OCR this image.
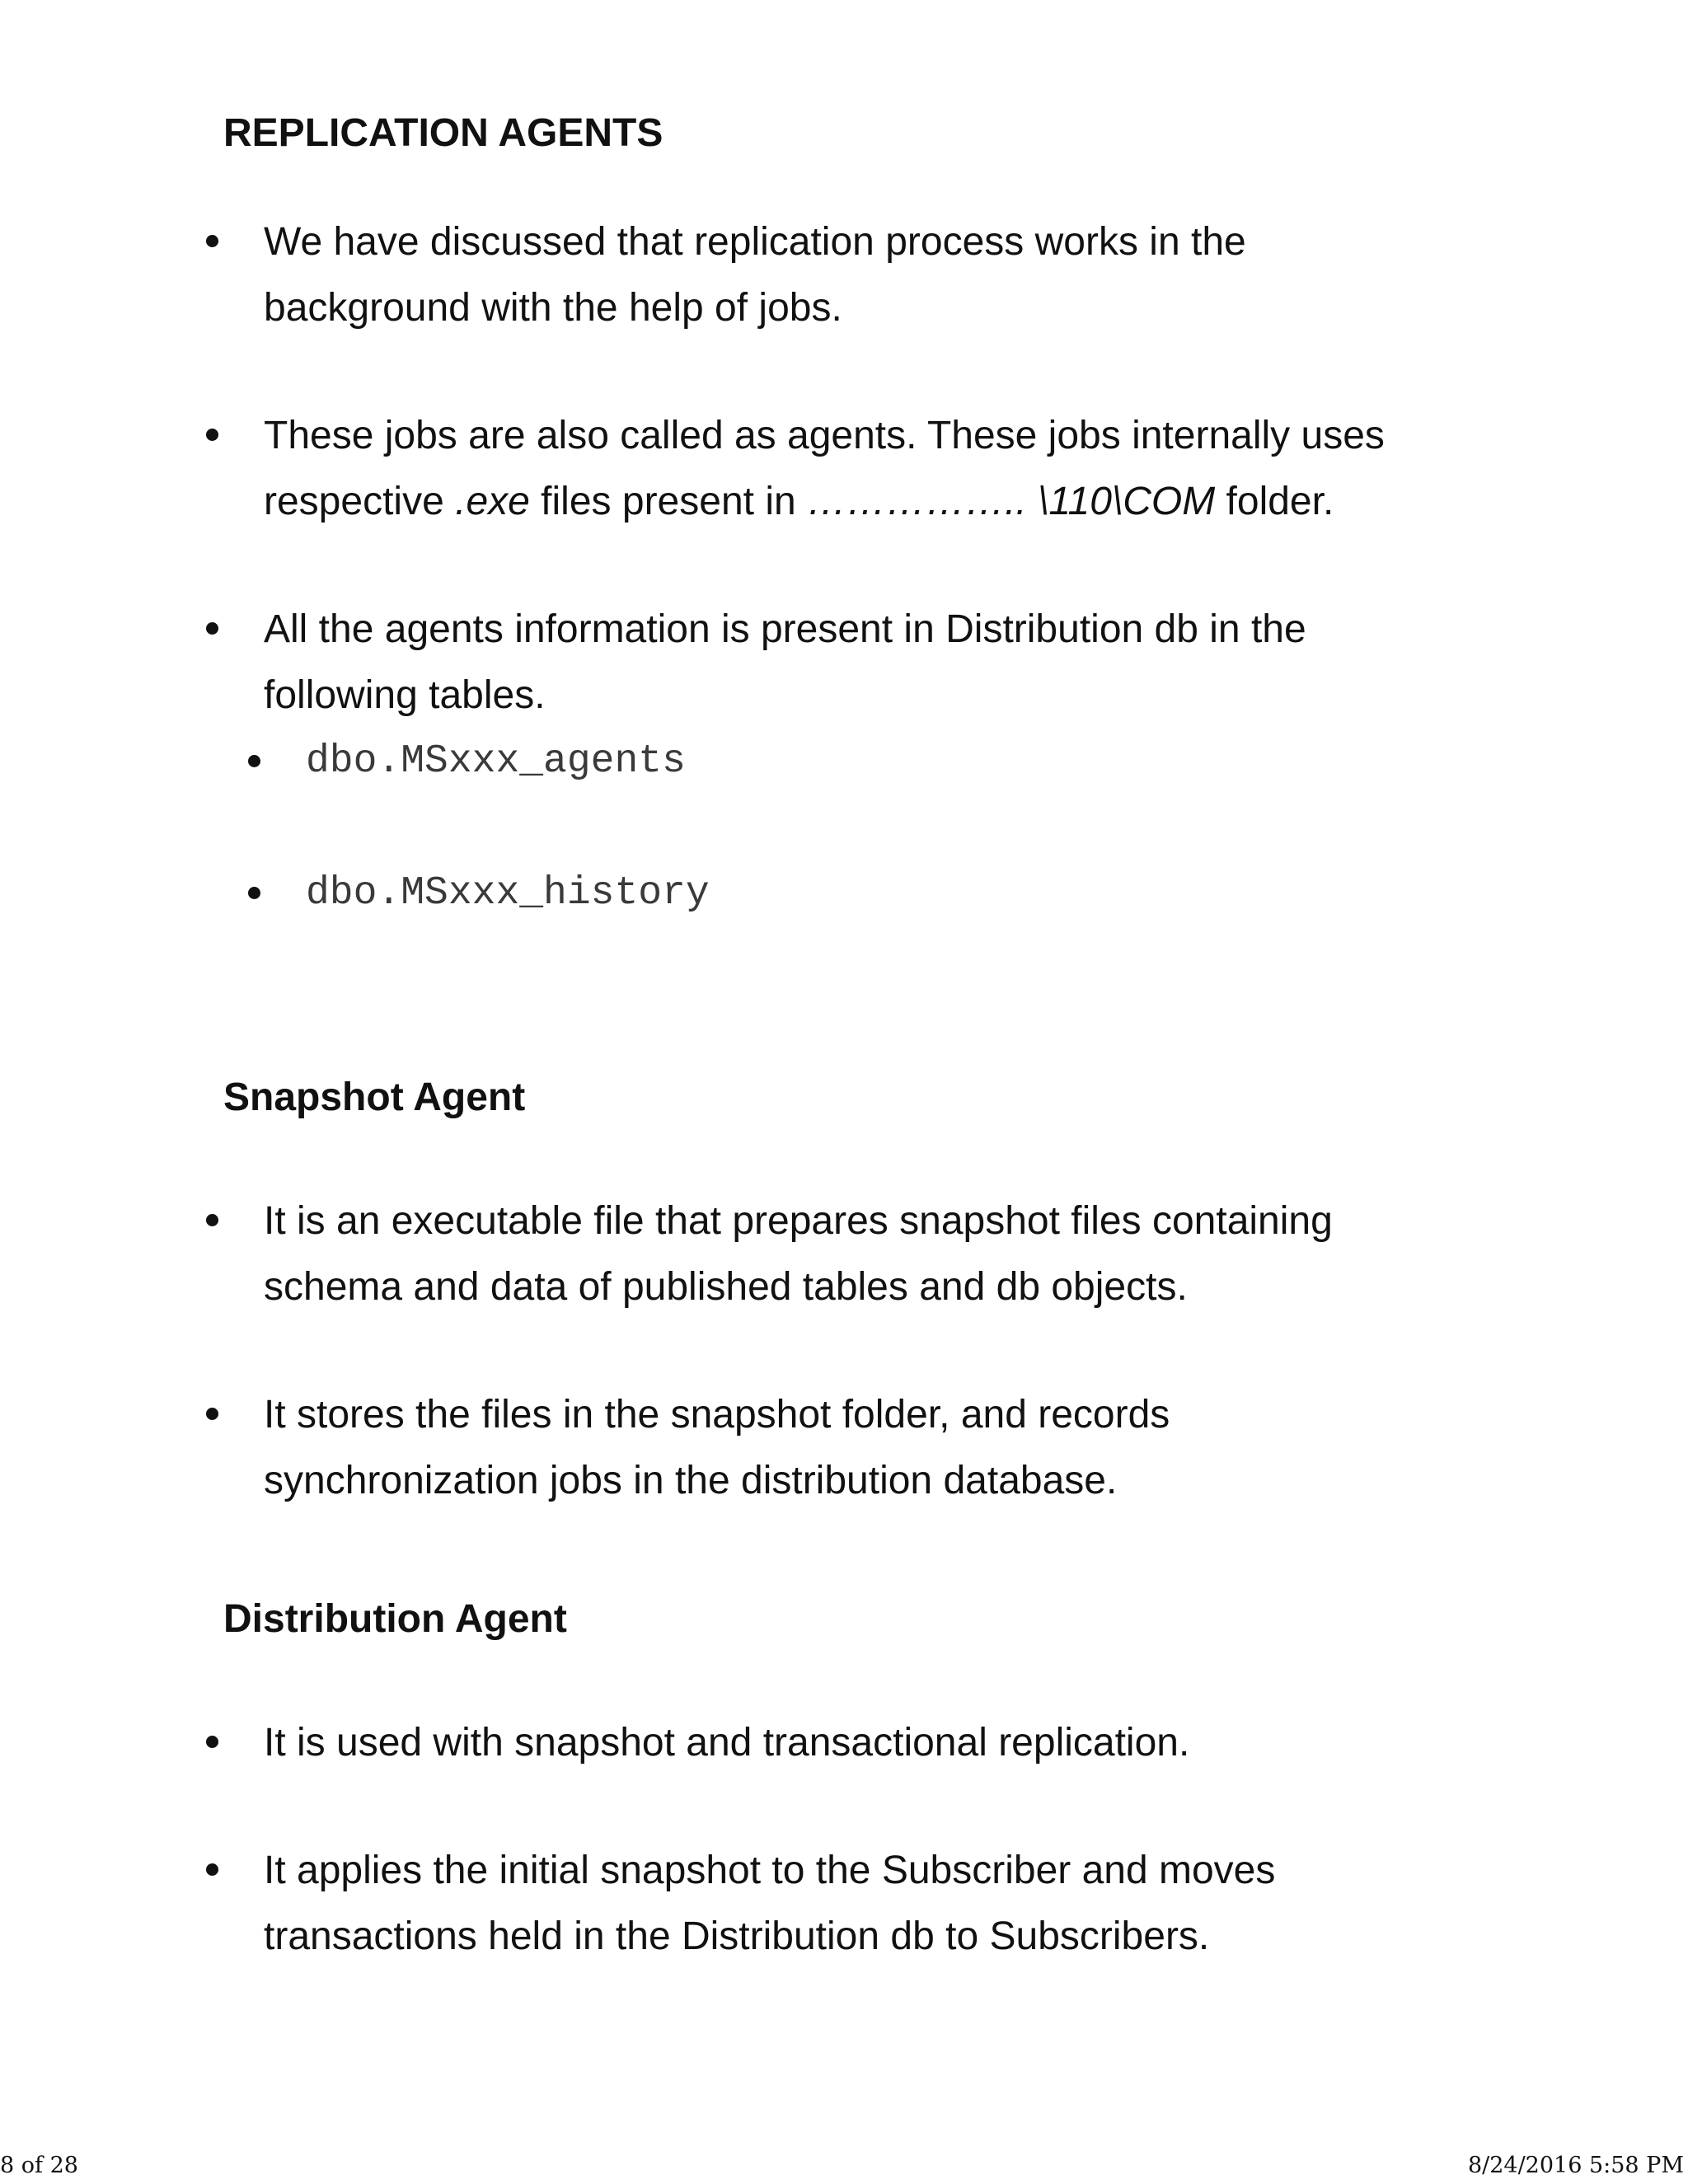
REPLICATION AGENTS
We have discussed that replication process works in the
background with the help of jobs.
These jobs are also called as agents. These jobs internally uses
respective .exe files present in …………….. \110\COM folder.
All the agents information is present in Distribution db in the
following tables.
dbo.MSxxx_agents
dbo.MSxxx_history
Snapshot Agent
It is an executable file that prepares snapshot files containing
schema and data of published tables and db objects.
It stores the files in the snapshot folder, and records
synchronization jobs in the distribution database.
Distribution Agent
It is used with snapshot and transactional replication.
It applies the initial snapshot to the Subscriber and moves
transactions held in the Distribution db to Subscribers.
8 of 28	8/24/2016 5:58 PM
